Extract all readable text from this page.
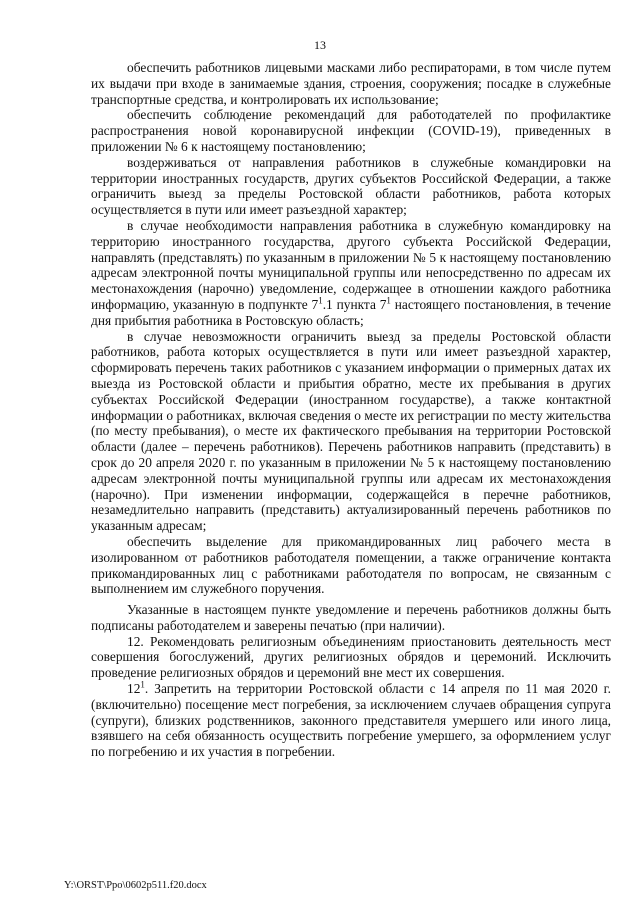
13

обеспечить работников лицевыми масками либо респираторами, в том числе путем их выдачи при входе в занимаемые здания, строения, сооружения; посадке в служебные транспортные средства, и контролировать их использование;

обеспечить соблюдение рекомендаций для работодателей по профилактике распространения новой коронавирусной инфекции (COVID-19), приведенных в приложении № 6 к настоящему постановлению;

воздерживаться от направления работников в служебные командировки на территории иностранных государств, других субъектов Российской Федерации, а также ограничить выезд за пределы Ростовской области работников, работа которых осуществляется в пути или имеет разъездной характер;

в случае необходимости направления работника в служебную командировку на территорию иностранного государства, другого субъекта Российской Федерации, направлять (представлять) по указанным в приложении № 5 к настоящему постановлению адресам электронной почты муниципальной группы или непосредственно по адресам их местонахождения (нарочно) уведомление, содержащее в отношении каждого работника информацию, указанную в подпункте $7^1.1$ пункта $7^1$ настоящего постановления, в течение дня прибытия работника в Ростовскую область;

в случае невозможности ограничить выезд за пределы Ростовской области работников, работа которых осуществляется в пути или имеет разъездной характер, сформировать перечень таких работников с указанием информации о примерных датах их выезда из Ростовской области и прибытия обратно, месте их пребывания в других субъектах Российской Федерации (иностранном государстве), а также контактной информации о работниках, включая сведения о месте их регистрации по месту жительства (по месту пребывания), о месте их фактического пребывания на территории Ростовской области (далее – перечень работников). Перечень работников направить (представить) в срок до 20 апреля 2020 г. по указанным в приложении № 5 к настоящему постановлению адресам электронной почты муниципальной группы или адресам их местонахождения (нарочно). При изменении информации, содержащейся в перечне работников, незамедлительно направить (представить) актуализированный перечень работников по указанным адресам;

обеспечить выделение для прикомандированных лиц рабочего места в изолированном от работников работодателя помещении, а также ограничение контакта прикомандированных лиц с работниками работодателя по вопросам, не связанным с выполнением им служебного поручения.

Указанные в настоящем пункте уведомление и перечень работников должны быть подписаны работодателем и заверены печатью (при наличии).

12. Рекомендовать религиозным объединениям приостановить деятельность мест совершения богослужений, других религиозных обрядов и церемоний. Исключить проведение религиозных обрядов и церемоний вне мест их совершения.

$12^1$. Запретить на территории Ростовской области с 14 апреля по 11 мая 2020 г. (включительно) посещение мест погребения, за исключением случаев обращения супруга (супруги), близких родственников, законного представителя умершего или иного лица, взявшего на себя обязанность осуществить погребение умершего, за оформлением услуг по погребению и их участия в погребении.

Y:\ORST\Ppo\0602p511.f20.docx
